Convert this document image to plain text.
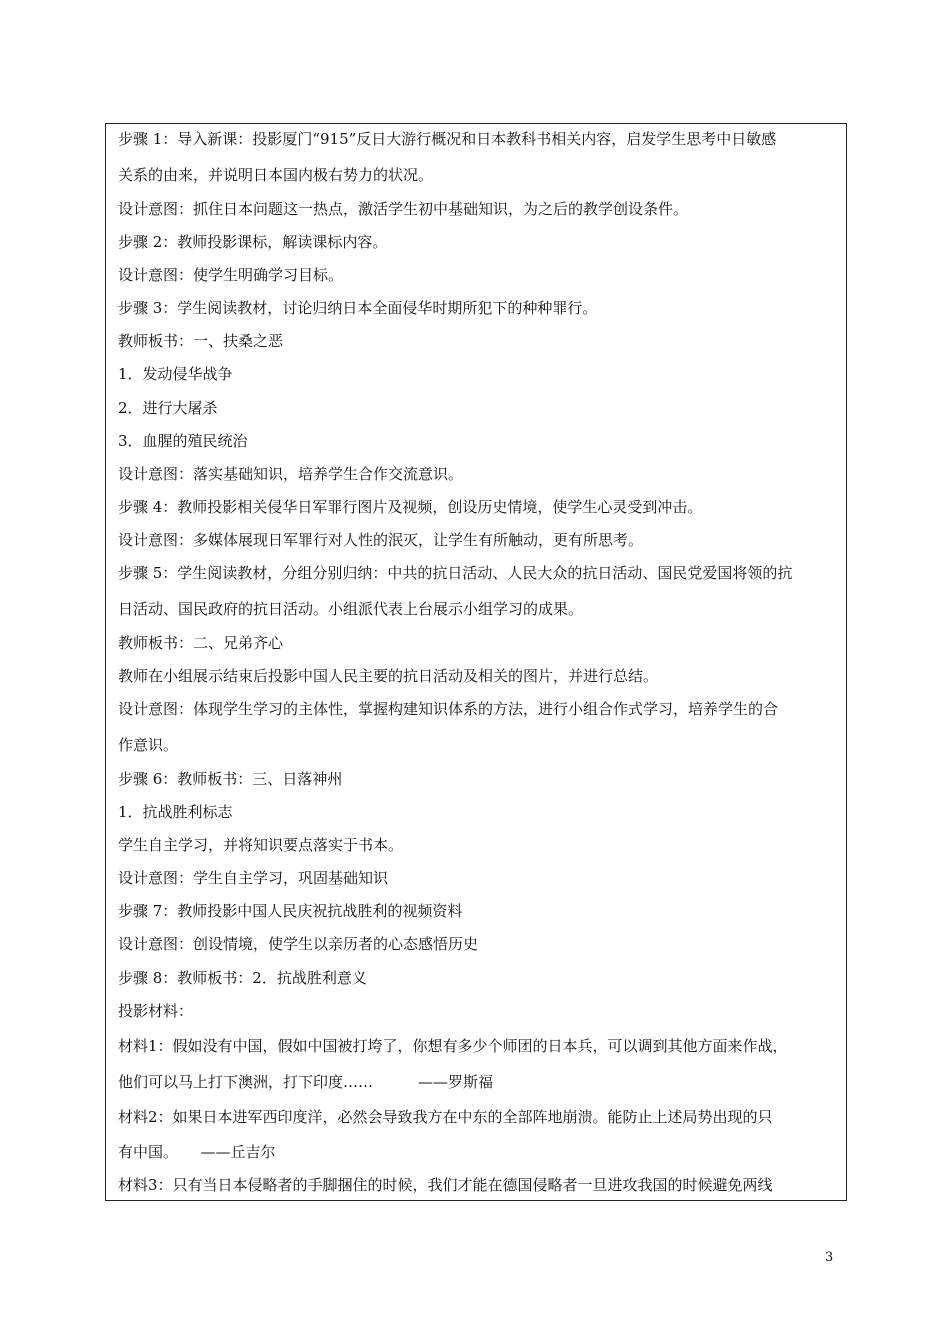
步骤 1：导入新课：投影厦门“915”反日大游行概况和日本教科书相关内容，启发学生思考中日敏感
关系的由来，并说明日本国内极右势力的状况。
设计意图：抓住日本问题这一热点，激活学生初中基础知识，为之后的教学创设条件。
步骤 2：教师投影课标，解读课标内容。
设计意图：使学生明确学习目标。
步骤 3：学生阅读教材，讨论归纳日本全面侵华时期所犯下的种种罪行。
教师板书：一、扶桑之恶
1．发动侵华战争
2．进行大屠杀
3．血腥的殖民统治
设计意图：落实基础知识，培养学生合作交流意识。
步骤 4：教师投影相关侵华日军罪行图片及视频，创设历史情境，使学生心灵受到冲击。
设计意图：多媒体展现日军罪行对人性的泯灭，让学生有所触动，更有所思考。
步骤 5：学生阅读教材，分组分别归纳：中共的抗日活动、人民大众的抗日活动、国民党爱国将领的抗
日活动、国民政府的抗日活动。小组派代表上台展示小组学习的成果。
教师板书：二、兄弟齐心
教师在小组展示结束后投影中国人民主要的抗日活动及相关的图片，并进行总结。
设计意图：体现学生学习的主体性，掌握构建知识体系的方法，进行小组合作式学习，培养学生的合
作意识。
步骤 6：教师板书：三、日落神州
1．抗战胜利标志
学生自主学习，并将知识要点落实于书本。
设计意图：学生自主学习，巩固基础知识
步骤 7：教师投影中国人民庆祝抗战胜利的视频资料
设计意图：创设情境，使学生以亲历者的心态感悟历史
步骤 8：教师板书：2．抗战胜利意义
投影材料：
材料1：假如没有中国，假如中国被打垮了，你想有多少个师团的日本兵，可以调到其他方面来作战，
他们可以马上打下澳洲，打下印度……　　　——罗斯福
材料2：如果日本进军西印度洋，必然会导致我方在中东的全部阵地崩溃。能防止上述局势出现的只
有中国。　　——丘吉尔
材料3：只有当日本侵略者的手脚捆住的时候，我们才能在德国侵略者一旦进攻我国的时候避免两线
3
